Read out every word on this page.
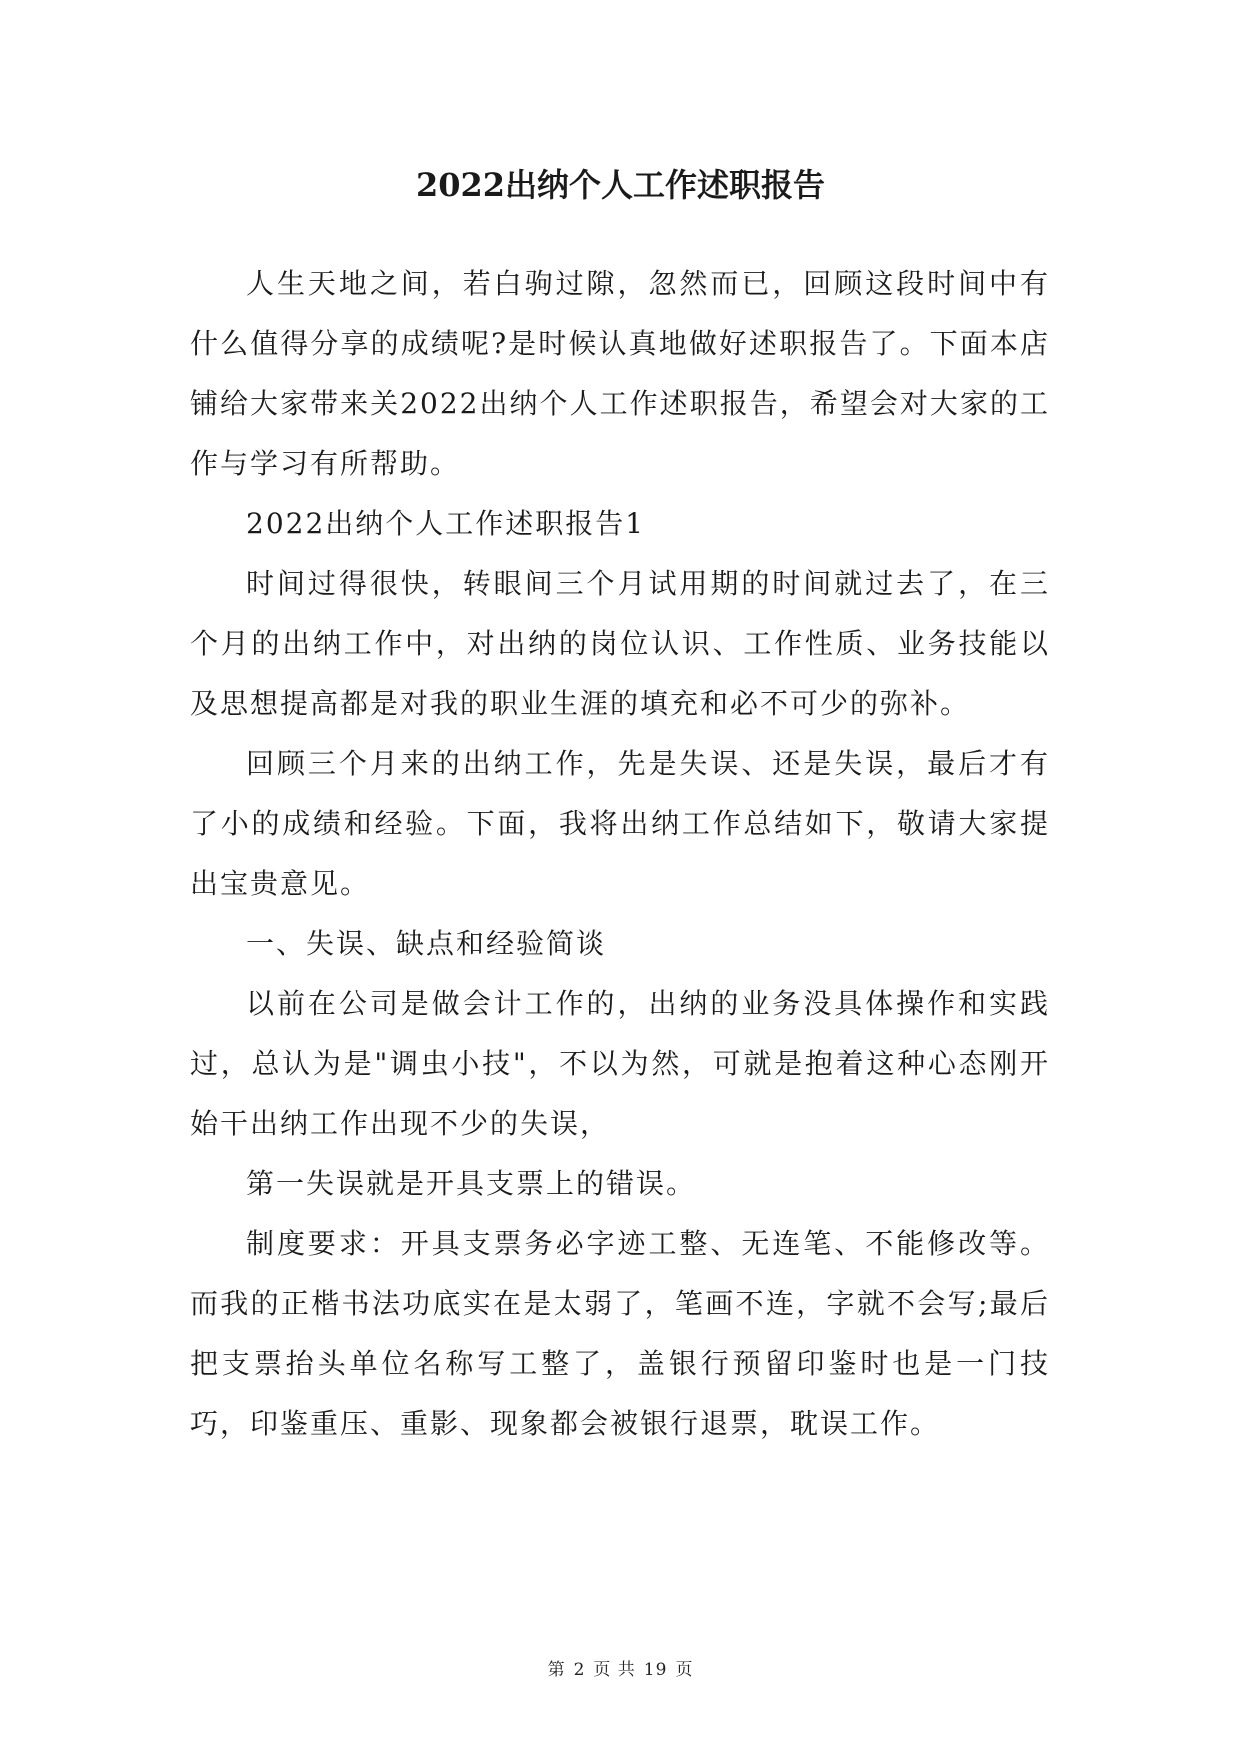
2022出纳个人工作述职报告

人生天地之间，若白驹过隙，忽然而已，回顾这段时间中有什么值得分享的成绩呢?是时候认真地做好述职报告了。下面本店铺给大家带来关2022出纳个人工作述职报告，希望会对大家的工作与学习有所帮助。

2022出纳个人工作述职报告1

时间过得很快，转眼间三个月试用期的时间就过去了，在三个月的出纳工作中，对出纳的岗位认识、工作性质、业务技能以及思想提高都是对我的职业生涯的填充和必不可少的弥补。

回顾三个月来的出纳工作，先是失误、还是失误，最后才有了小的成绩和经验。下面，我将出纳工作总结如下，敬请大家提出宝贵意见。

一、失误、缺点和经验简谈

以前在公司是做会计工作的，出纳的业务没具体操作和实践过，总认为是"调虫小技"，不以为然，可就是抱着这种心态刚开始干出纳工作出现不少的失误，

第一失误就是开具支票上的错误。

制度要求：开具支票务必字迹工整、无连笔、不能修改等。而我的正楷书法功底实在是太弱了，笔画不连，字就不会写;最后把支票抬头单位名称写工整了，盖银行预留印鉴时也是一门技巧，印鉴重压、重影、现象都会被银行退票，耽误工作。

第 2 页 共 19 页
